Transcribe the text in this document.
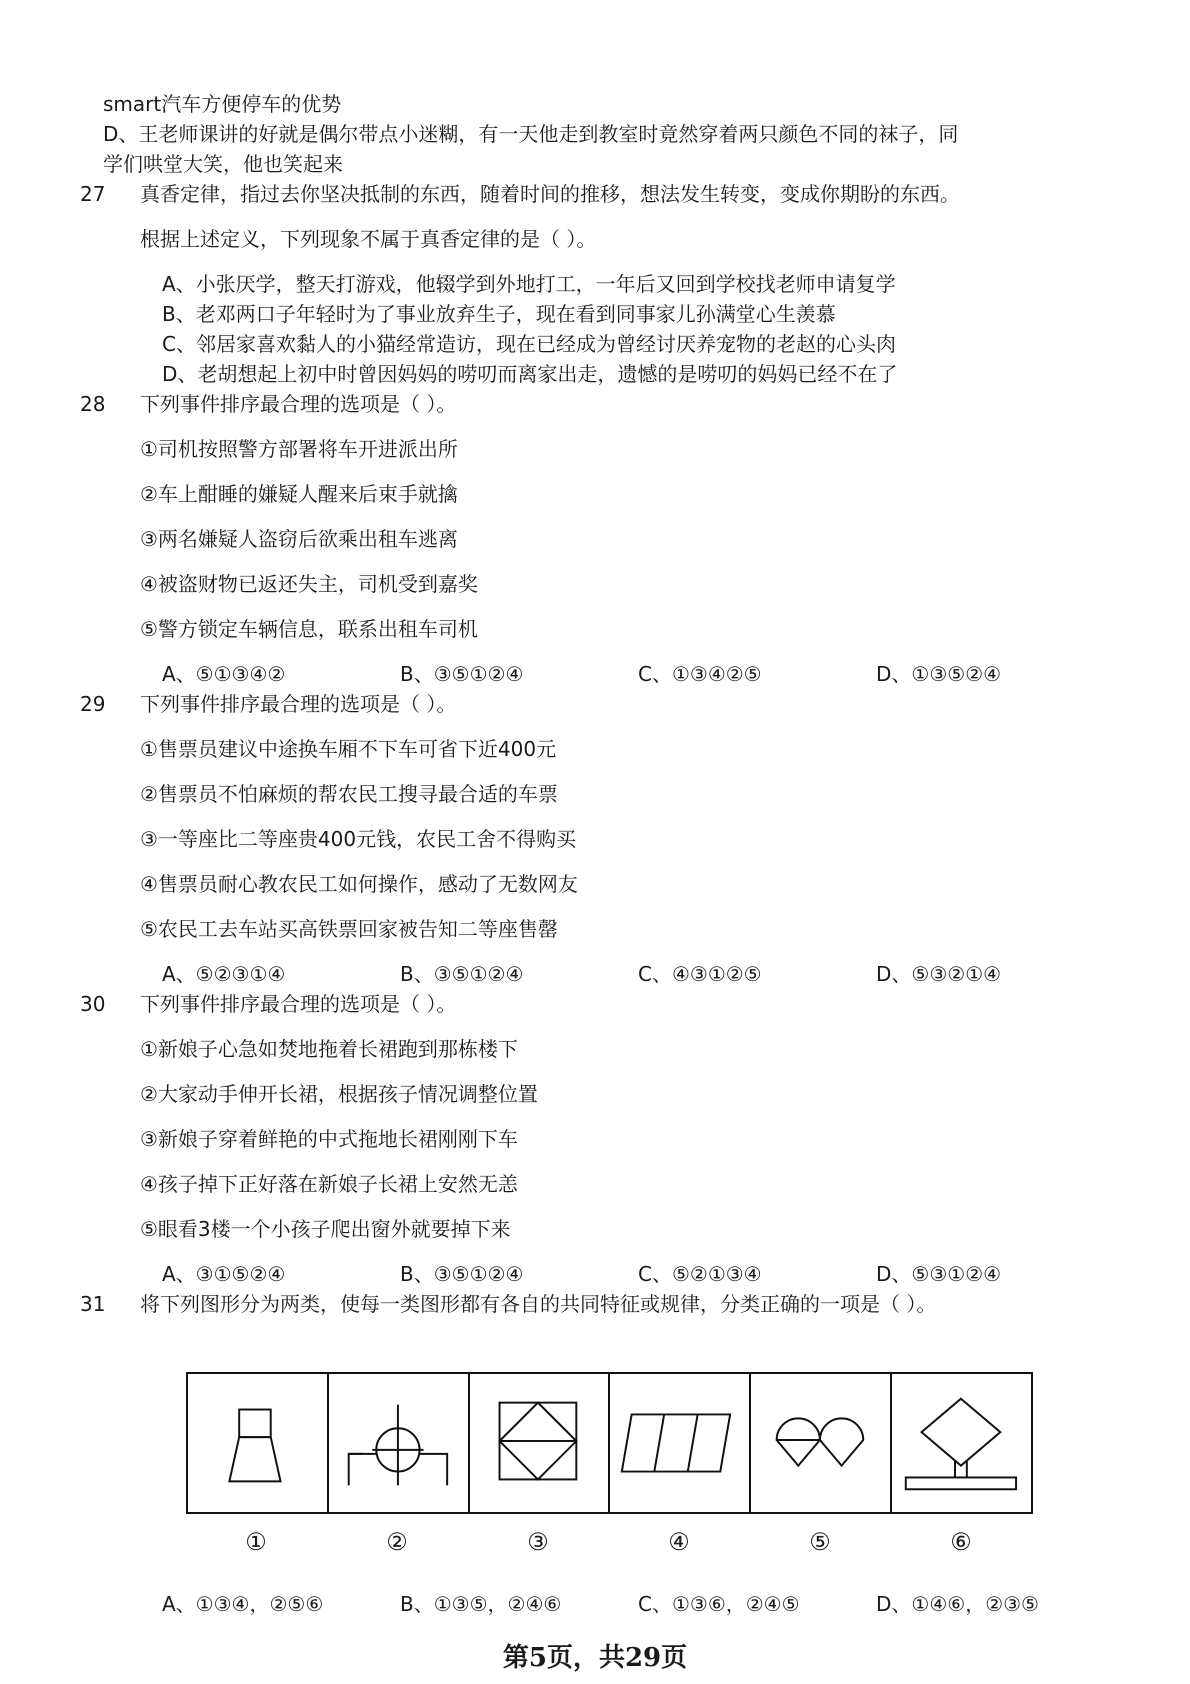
smart汽车方便停车的优势
D、王老师课讲的好就是偶尔带点小迷糊，有一天他走到教室时竟然穿着两只颜色不同的袜子，同
学们哄堂大笑，他也笑起来
27 真香定律，指过去你坚决抵制的东西，随着时间的推移，想法发生转变，变成你期盼的东西。
根据上述定义，下列现象不属于真香定律的是（ ）。
A、小张厌学，整天打游戏，他辍学到外地打工，一年后又回到学校找老师申请复学
B、老邓两口子年轻时为了事业放弃生子，现在看到同事家儿孙满堂心生羡慕
C、邻居家喜欢黏人的小猫经常造访，现在已经成为曾经讨厌养宠物的老赵的心头肉
D、老胡想起上初中时曾因妈妈的唠叨而离家出走，遗憾的是唠叨的妈妈已经不在了
28 下列事件排序最合理的选项是（ ）。
①司机按照警方部署将车开进派出所
②车上酣睡的嫌疑人醒来后束手就擒
③两名嫌疑人盗窃后欲乘出租车逃离
④被盗财物已返还失主，司机受到嘉奖
⑤警方锁定车辆信息，联系出租车司机
A、⑤①③④②	B、③⑤①②④	C、①③④②⑤	D、①③⑤②④
29 下列事件排序最合理的选项是（ ）。
①售票员建议中途换车厢不下车可省下近400元
②售票员不怕麻烦的帮农民工搜寻最合适的车票
③一等座比二等座贵400元钱，农民工舍不得购买
④售票员耐心教农民工如何操作，感动了无数网友
⑤农民工去车站买高铁票回家被告知二等座售罄
A、⑤②③①④	B、③⑤①②④	C、④③①②⑤	D、⑤③②①④
30 下列事件排序最合理的选项是（ ）。
①新娘子心急如焚地拖着长裙跑到那栋楼下
②大家动手伸开长裙，根据孩子情况调整位置
③新娘子穿着鲜艳的中式拖地长裙刚刚下车
④孩子掉下正好落在新娘子长裙上安然无恙
⑤眼看3楼一个小孩子爬出窗外就要掉下来
A、③①⑤②④	B、③⑤①②④	C、⑤②①③④	D、⑤③①②④
31 将下列图形分为两类，使每一类图形都有各自的共同特征或规律，分类正确的一项是（ ）。
①	②	③	④	⑤	⑥
A、①③④，②⑤⑥	B、①③⑤，②④⑥	C、①③⑥，②④⑤	D、①④⑥，②③⑤
第5页，共29页
